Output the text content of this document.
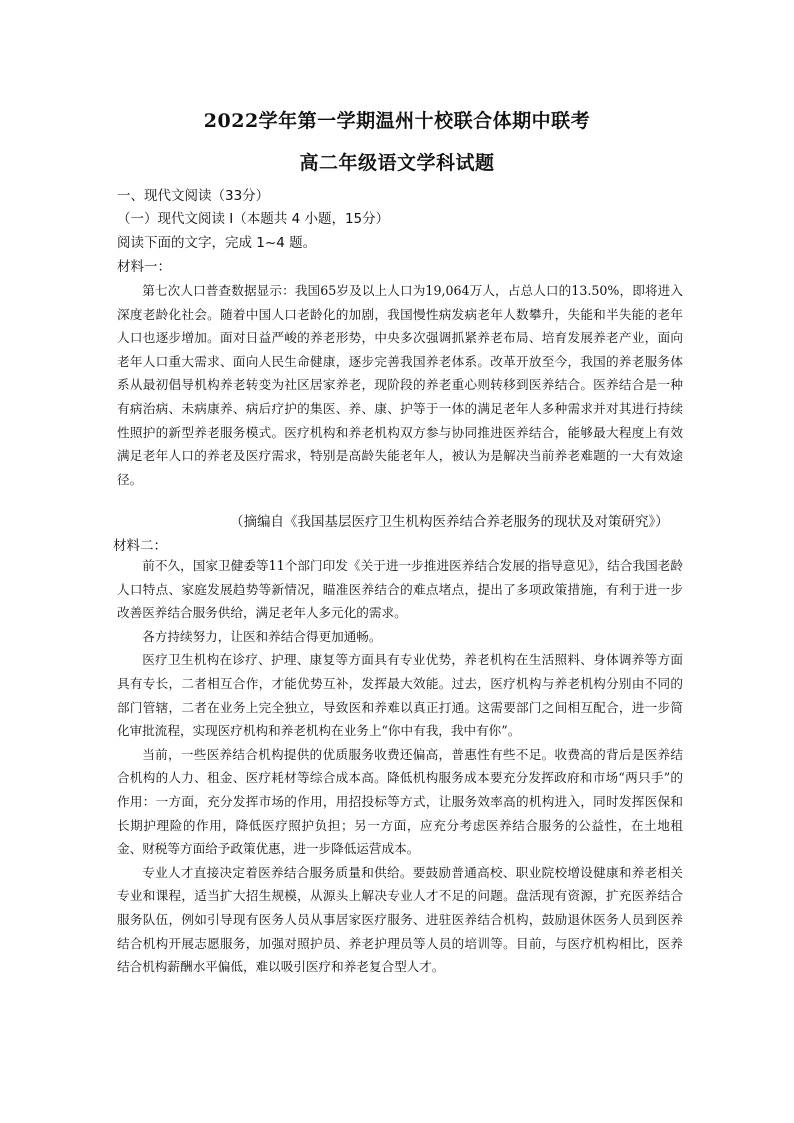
2022学年第一学期温州十校联合体期中联考
高二年级语文学科试题
一、现代文阅读（33分）
（一）现代文阅读 I（本题共 4 小题，15分）
阅读下面的文字，完成 1~4 题。
材料一：

第七次人口普查数据显示：我国65岁及以上人口为19,064万人，占总人口的13.50%，即将进入深度老龄化社会。随着中国人口老龄化的加剧，我国慢性病发病老年人数攀升，失能和半失能的老年人口也逐步增加。面对日益严峻的养老形势，中央多次强调抓紧养老布局、培育发展养老产业，面向老年人口重大需求、面向人民生命健康，逐步完善我国养老体系。改革开放至今，我国的养老服务体系从最初倡导机构养老转变为社区居家养老，现阶段的养老重心则转移到医养结合。医养结合是一种有病治病、未病康养、病后疗护的集医、养、康、护等于一体的满足老年人多种需求并对其进行持续性照护的新型养老服务模式。医疗机构和养老机构双方参与协同推进医养结合，能够最大程度上有效满足老年人口的养老及医疗需求，特别是高龄失能老年人，被认为是解决当前养老难题的一大有效途径。

（摘编自《我国基层医疗卫生机构医养结合养老服务的现状及对策研究》）
材料二：

前不久，国家卫健委等11个部门印发《关于进一步推进医养结合发展的指导意见》，结合我国老龄人口特点、家庭发展趋势等新情况，瞄准医养结合的难点堵点，提出了多项政策措施，有利于进一步改善医养结合服务供给，满足老年人多元化的需求。

各方持续努力，让医和养结合得更加通畅。

医疗卫生机构在诊疗、护理、康复等方面具有专业优势，养老机构在生活照料、身体调养等方面具有专长，二者相互合作，才能优势互补，发挥最大效能。过去，医疗机构与养老机构分别由不同的部门管辖，二者在业务上完全独立，导致医和养难以真正打通。这需要部门之间相互配合，进一步简化审批流程，实现医疗机构和养老机构在业务上“你中有我，我中有你”。

当前，一些医养结合机构提供的优质服务收费还偏高，普惠性有些不足。收费高的背后是医养结合机构的人力、租金、医疗耗材等综合成本高。降低机构服务成本要充分发挥政府和市场“两只手”的作用：一方面，充分发挥市场的作用，用招投标等方式，让服务效率高的机构进入，同时发挥医保和长期护理险的作用，降低医疗照护负担；另一方面，应充分考虑医养结合服务的公益性，在土地租金、财税等方面给予政策优惠，进一步降低运营成本。

专业人才直接决定着医养结合服务质量和供给。要鼓励普通高校、职业院校增设健康和养老相关专业和课程，适当扩大招生规模，从源头上解决专业人才不足的问题。盘活现有资源，扩充医养结合服务队伍，例如引导现有医务人员从事居家医疗服务、进驻医养结合机构，鼓励退休医务人员到医养结合机构开展志愿服务，加强对照护员、养老护理员等人员的培训等。目前，与医疗机构相比，医养结合机构薪酬水平偏低，难以吸引医疗和养老复合型人才。
